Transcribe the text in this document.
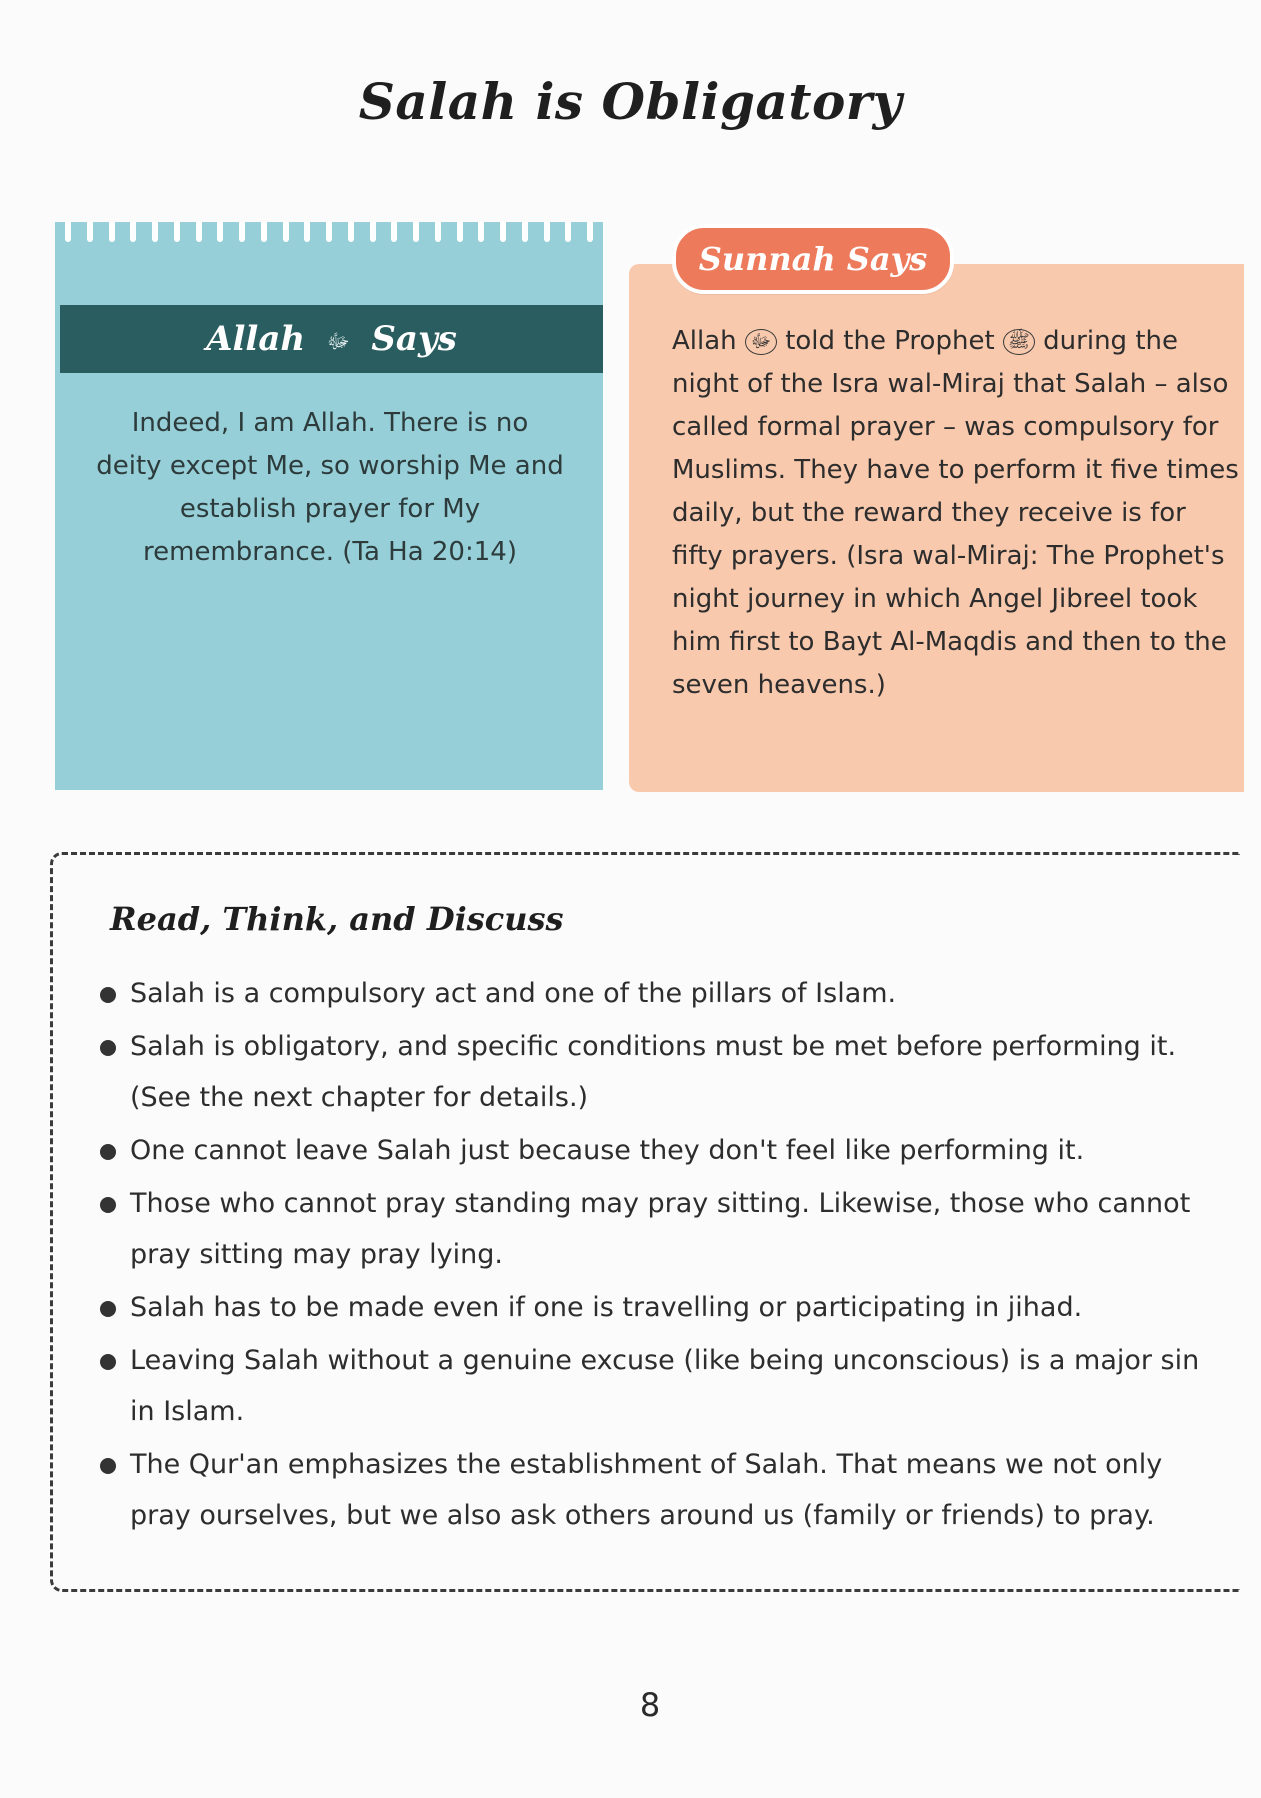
Salah is Obligatory
Allah ﷻ Says
Indeed, I am Allah. There is no deity except Me, so worship Me and establish prayer for My remembrance. (Ta Ha 20:14)
Sunnah Says
Allah ﷻ told the Prophet ﷺ during the night of the Isra wal-Miraj that Salah – also called formal prayer – was compulsory for Muslims. They have to perform it five times daily, but the reward they receive is for fifty prayers. (Isra wal-Miraj: The Prophet's night journey in which Angel Jibreel took him first to Bayt Al-Maqdis and then to the seven heavens.)
Read, Think, and Discuss
Salah is a compulsory act and one of the pillars of Islam.
Salah is obligatory, and specific conditions must be met before performing it. (See the next chapter for details.)
One cannot leave Salah just because they don't feel like performing it.
Those who cannot pray standing may pray sitting. Likewise, those who cannot pray sitting may pray lying.
Salah has to be made even if one is travelling or participating in jihad.
Leaving Salah without a genuine excuse (like being unconscious) is a major sin in Islam.
The Qur'an emphasizes the establishment of Salah. That means we not only pray ourselves, but we also ask others around us (family or friends) to pray.
8
